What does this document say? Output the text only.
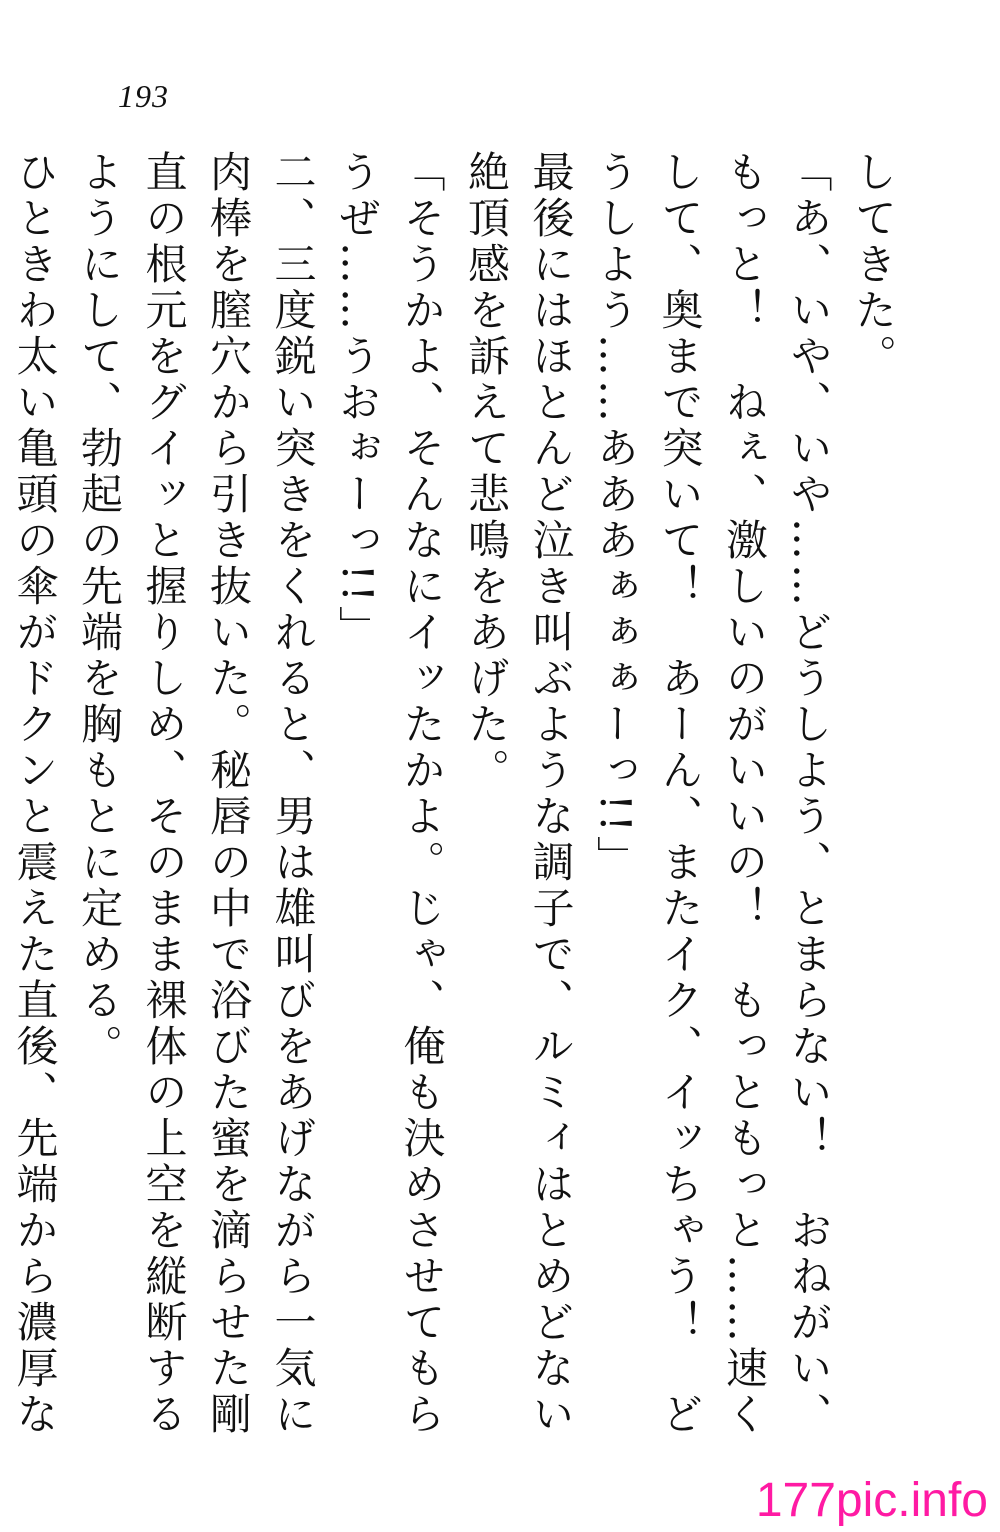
193

してきた。

「あ、いや、いや……どうしよう、とまらない！　おねがい、もっと！　ねぇ、激しいのがいいの！　もっともっと……速くして、奥まで突いて！　あーん、またイク、イッちゃう！　どうしよう……あああぁぁぁーっ!!」

最後にはほとんど泣き叫ぶような調子で、ルミィはとめどない絶頂感を訴えて悲鳴をあげた。

「そうかよ、そんなにイッたかよ。じゃ、俺も決めさせてもらうぜ……うおぉーっ!!」

二、三度鋭い突きをくれると、男は雄叫びをあげながら一気に肉棒を膣穴から引き抜いた。秘唇の中で浴びた蜜を滴らせた剛直の根元をグイッと握りしめ、そのまま裸体の上空を縦断するようにして、勃起の先端を胸もとに定める。

ひときわ太い亀頭の傘がドクンと震えた直後、先端から濃厚な

177pic.info
